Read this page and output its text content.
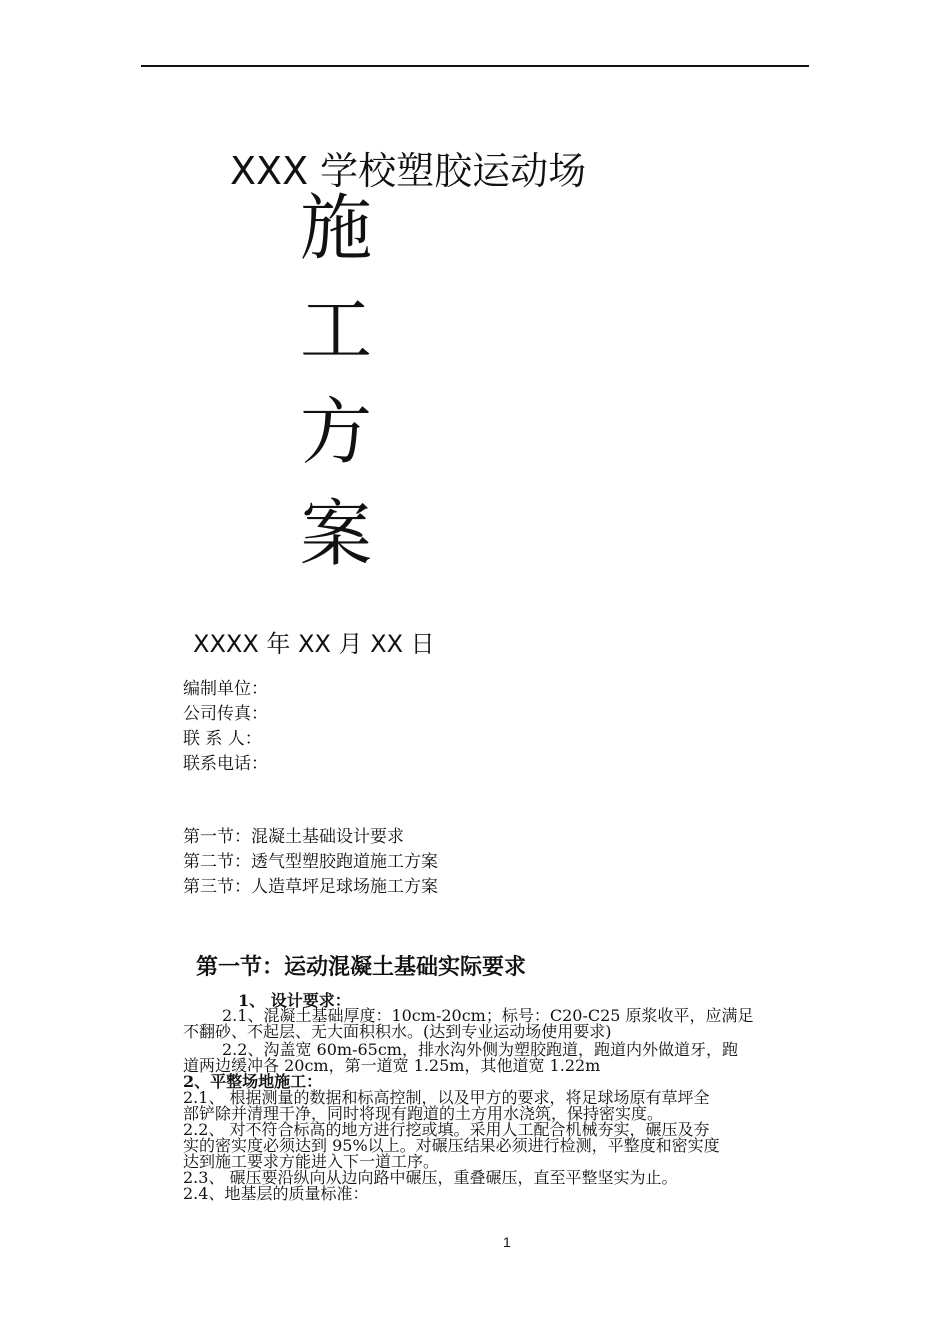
XXX 学校塑胶运动场
施
工
方
案
XXXX 年 XX 月 XX 日
编制单位：
公司传真：
联 系 人：
联系电话：
第一节：混凝土基础设计要求
第二节：透气型塑胶跑道施工方案
第三节：人造草坪足球场施工方案
第一节：运动混凝土基础实际要求
1、 设计要求：
2.1、混凝土基础厚度：10cm-20cm；标号：C20-C25 原浆收平，应满足
不翻砂、不起层、无大面积积水。(达到专业运动场使用要求)
2.2、沟盖宽 60m-65cm，排水沟外侧为塑胶跑道，跑道内外做道牙，跑
道两边缓冲各 20cm，第一道宽 1.25m，其他道宽 1.22m
2、平整场地施工：
2.1、 根据测量的数据和标高控制，以及甲方的要求，将足球场原有草坪全
部铲除并清理干净，同时将现有跑道的土方用水浇筑，保持密实度。
2.2、 对不符合标高的地方进行挖或填。采用人工配合机械夯实，碾压及夯
实的密实度必须达到 95%以上。对碾压结果必须进行检测，平整度和密实度
达到施工要求方能进入下一道工序。
2.3、 碾压要沿纵向从边向路中碾压，重叠碾压，直至平整坚实为止。
2.4、地基层的质量标准：
1
